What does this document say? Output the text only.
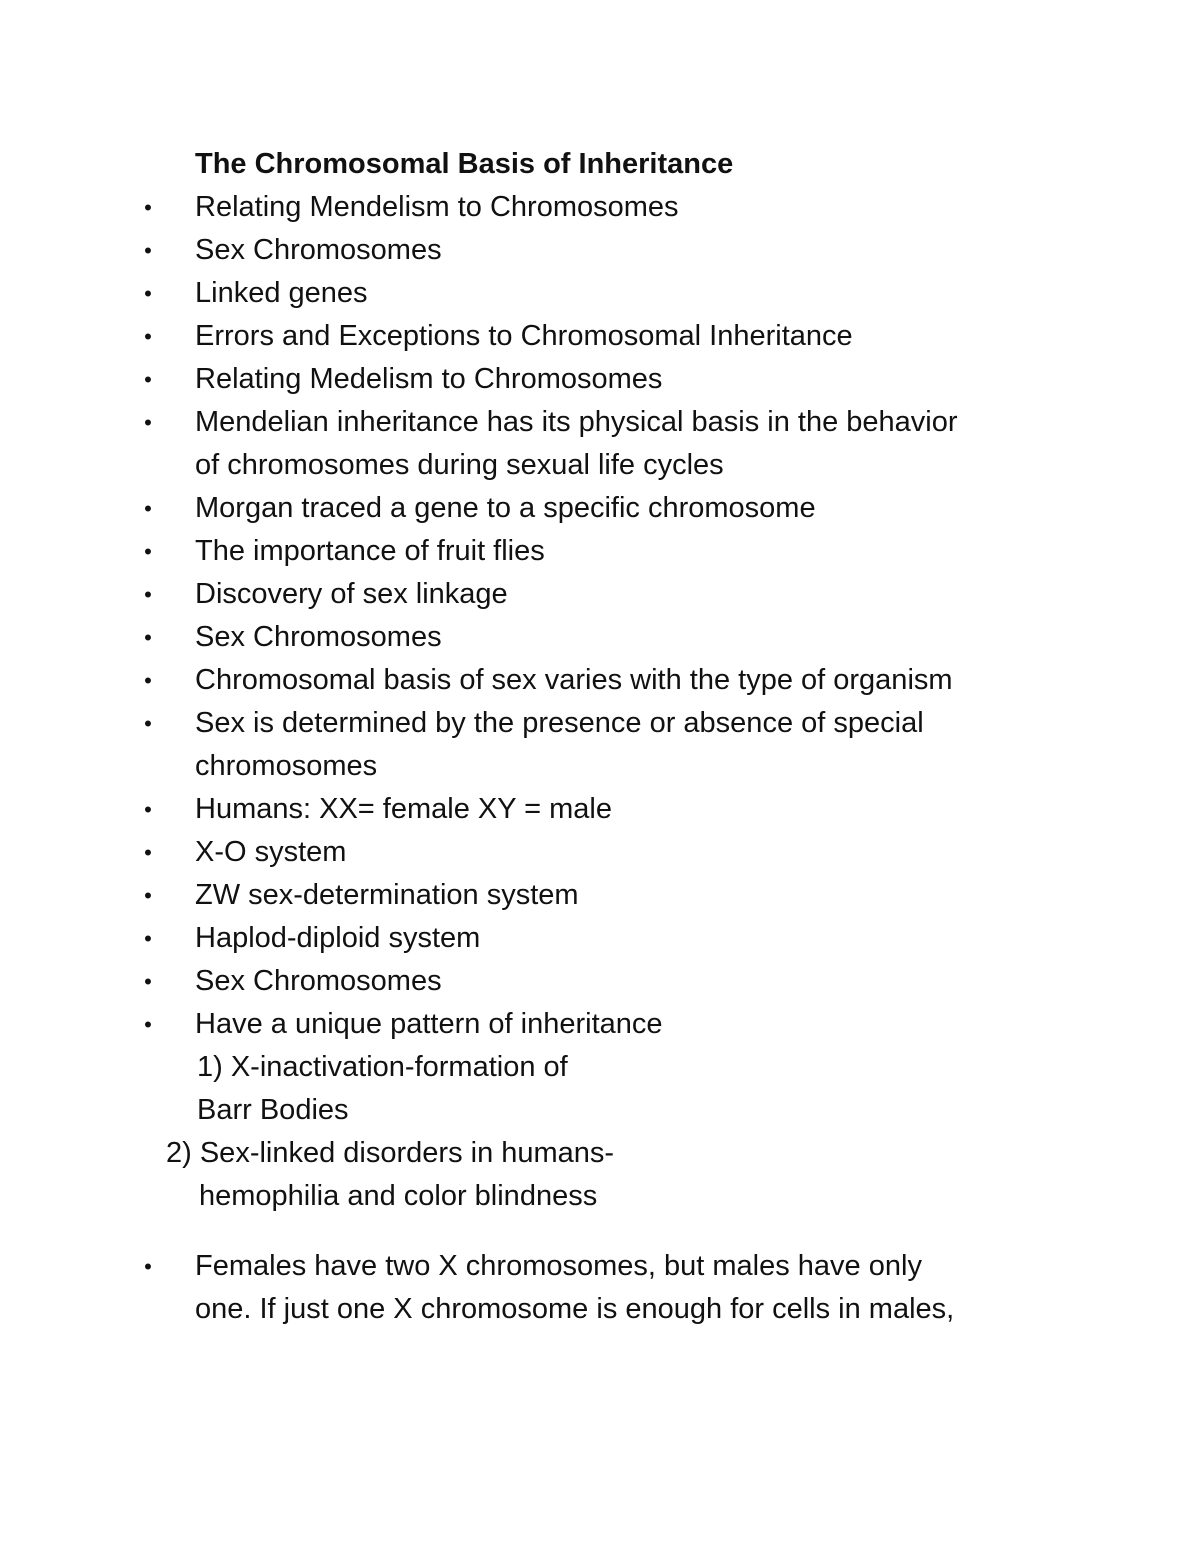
The Chromosomal Basis of Inheritance
• Relating Mendelism to Chromosomes
• Sex Chromosomes
• Linked genes
• Errors and Exceptions to Chromosomal Inheritance
• Relating Medelism to Chromosomes
• Mendelian inheritance has its physical basis in the behavior
of chromosomes during sexual life cycles
• Morgan traced a gene to a specific chromosome
• The importance of fruit flies
• Discovery of sex linkage
• Sex Chromosomes
• Chromosomal basis of sex varies with the type of organism
• Sex is determined by the presence or absence of special
chromosomes
• Humans: XX= female XY = male
• X-O system
• ZW sex-determination system
• Haplod-diploid system
• Sex Chromosomes
• Have a unique pattern of inheritance
1) X-inactivation-formation of
Barr Bodies
2) Sex-linked disorders in humans-
hemophilia and color blindness
• Females have two X chromosomes, but males have only
one. If just one X chromosome is enough for cells in males,
